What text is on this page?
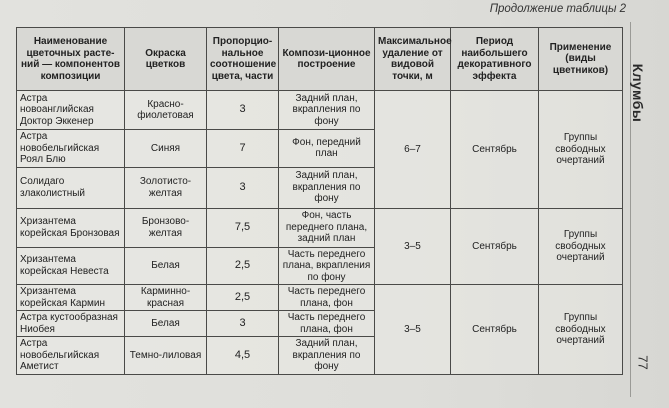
Продолжение таблицы 2
Клумбы
77
Наименование цветочных расте-ний — компонентов композиции	Окраска цветков	Пропорцио-нальное соотношение цвета, части	Компози-ционное построение	Максимальное удаление от видовой точки, м	Период наибольшего декоративного эффекта	Применение (виды цветников)
Астра новоанглийская Доктор Эккенер	Красно-фиолетовая	3	Задний план, вкрапления по фону	6–7	Сентябрь	Группы свободных очертаний
Астра новобельгийская Роял Блю	Синяя	7	Фон, передний план			
Солидаго злаколистный	Золотисто-желтая	3	Задний план, вкрапления по фону			
Хризантема корейская Бронзовая	Бронзово-желтая	7,5	Фон, часть переднего плана, задний план	3–5	Сентябрь	Группы свободных очертаний
Хризантема корейская Невеста	Белая	2,5	Часть переднего плана, вкрапления по фону			
Хризантема корейская Кармин	Карминно-красная	2,5	Часть переднего плана, фон	3–5	Сентябрь	Группы свободных очертаний
Астра кустообразная Ниобея	Белая	3	Часть переднего плана, фон			
Астра новобельгийская Аметист	Темно-лиловая	4,5	Задний план, вкрапления по фону			
